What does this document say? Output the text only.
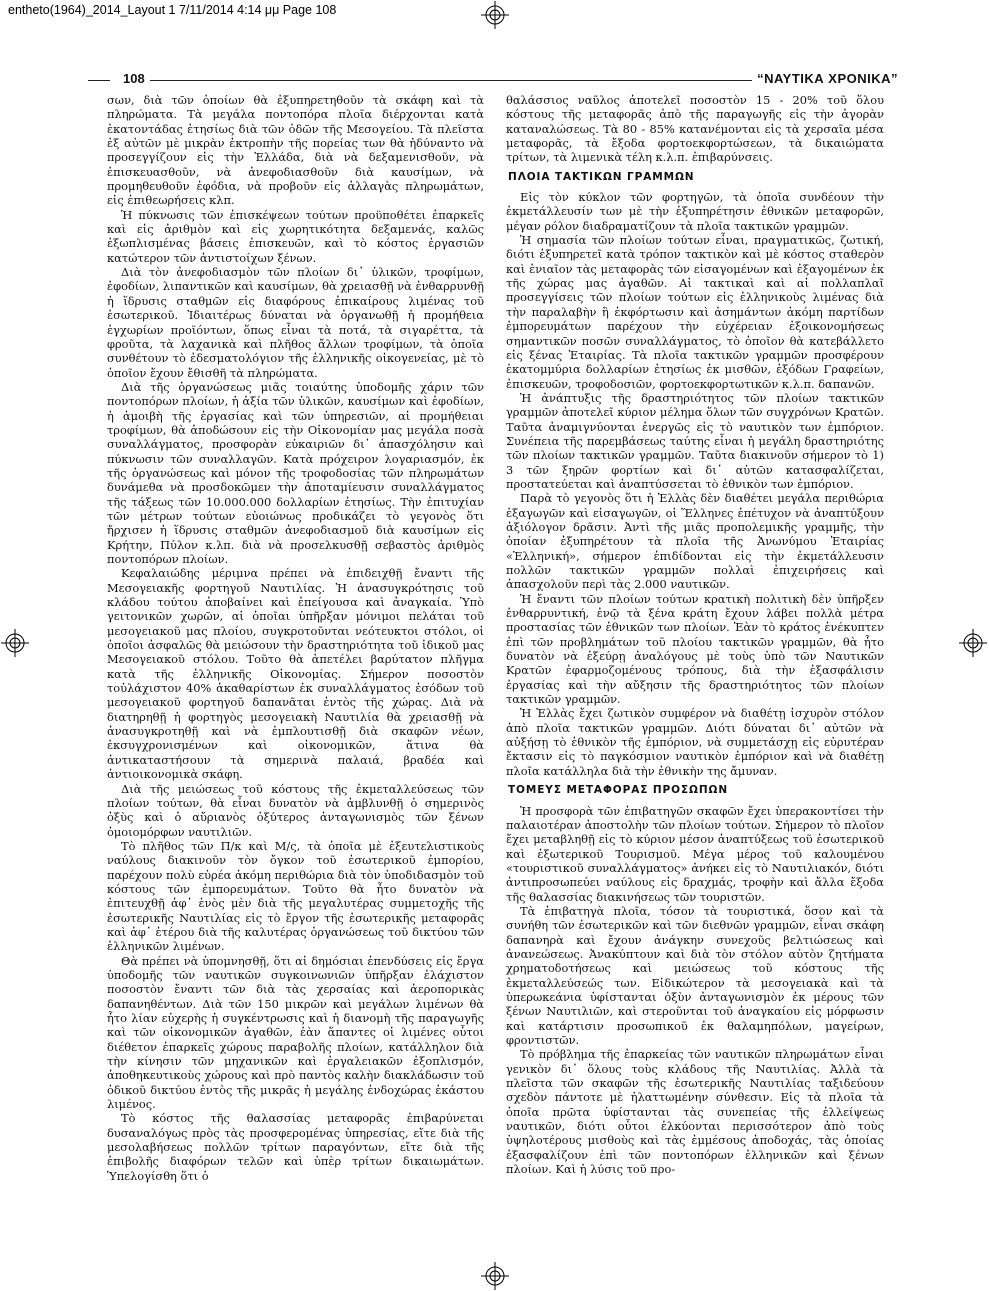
entheto(1964)_2014_Layout 1 7/11/2014 4:14 μμ Page 108
108	“ΝΑΥΤΙΚΑ ΧΡΟΝΙΚΑ”

σων, διὰ τῶν ὁποίων θὰ ἐξυπηρετηθοῦν τὰ σκάφη καὶ τὰ πληρώματα. Τὰ μεγάλα ποντοπόρα πλοῖα διέρχονται κατὰ ἑκατοντάδας ἐτησίως διὰ τῶν ὁδῶν τῆς Μεσογείου. Τὰ πλεῖστα ἐξ αὐτῶν μὲ μικρὰν ἐκτροπὴν τῆς πορείας των θὰ ἠδύναντο νὰ προσεγγίζουν εἰς τὴν Ἑλλάδα, διὰ νὰ δεξαμενισθοῦν, νὰ ἐπισκευασθοῦν, νὰ ἀνεφοδιασθοῦν διὰ καυσίμων, νὰ προμηθευθοῦν ἐφόδια, νὰ προβοῦν εἰς ἀλλαγὰς πληρωμάτων, εἰς ἐπιθεωρήσεις κλπ.

Ἡ πύκνωσις τῶν ἐπισκέψεων τούτων προϋποθέτει ἐπαρκεῖς καὶ εἰς ἀριθμὸν καὶ εἰς χωρητικότητα δεξαμενάς, καλῶς ἐξωπλισμένας βάσεις ἐπισκευῶν, καὶ τὸ κόστος ἐργασιῶν κατώτερον τῶν ἀντιστοίχων ξένων.

Διὰ τὸν ἀνεφοδιασμὸν τῶν πλοίων δι᾿ ὑλικῶν, τροφίμων, ἐφοδίων, λιπαντικῶν καὶ καυσίμων, θὰ χρειασθῇ νὰ ἐνθαρρυνθῇ ἡ ἵδρυσις σταθμῶν εἰς διαφόρους ἐπικαίρους λιμένας τοῦ ἐσωτερικοῦ. Ἰδιαιτέρως δύναται νὰ ὀργανωθῇ ἡ προμήθεια ἐγχωρίων προϊόντων, ὅπως εἶναι τὰ ποτά, τὰ σιγαρέττα, τὰ φροῦτα, τὰ λαχανικὰ καὶ πλῆθος ἄλλων τροφίμων, τὰ ὁποῖα συνθέτουν τὸ ἐδεσματολόγιον τῆς ἑλληνικῆς οἰκογενείας, μὲ τὸ ὁποῖον ἔχουν ἔθισθῆ τὰ πληρώματα.

Διὰ τῆς ὀργανώσεως μιᾶς τοιαύτης ὑποδομῆς χάριν τῶν ποντοπόρων πλοίων, ἡ ἀξία τῶν ὑλικῶν, καυσίμων καὶ ἐφοδίων, ἡ ἀμοιβὴ τῆς ἐργασίας καὶ τῶν ὑπηρεσιῶν, αἱ προμήθειαι τροφίμων, θὰ ἀποδώσουν εἰς τὴν Οἰκονομίαν μας μεγάλα ποσὰ συναλλάγματος, προσφορὰν εὐκαιριῶν δι᾿ ἀπασχόλησιν καὶ πύκνωσιν τῶν συναλλαγῶν. Κατὰ πρόχειρον λογαριασμόν, ἐκ τῆς ὀργανώσεως καὶ μόνον τῆς τροφοδοσίας τῶν πληρωμάτων δυνάμεθα νὰ προσδοκῶμεν τὴν ἀποταμίευσιν συναλλάγματος τῆς τάξεως τῶν 10.000.000 δολλαρίων ἐτησίως. Τὴν ἐπιτυχίαν τῶν μέτρων τούτων εὐοιώνως προδικάζει τὸ γεγονὸς ὅτι ἤρχισεν ἡ ἵδρυσις σταθμῶν ἀνεφοδιασμοῦ διὰ καυσίμων εἰς Κρήτην, Πύλον κ.λπ. διὰ νὰ προσελκυσθῇ σεβαστὸς ἀριθμὸς ποντοπόρων πλοίων.

Κεφαλαιώδης μέριμνα πρέπει νὰ ἐπιδειχθῇ ἔναντι τῆς Μεσογειακῆς φορτηγοῦ Ναυτιλίας. Ἡ ἀνασυγκρότησις τοῦ κλάδου τούτου ἀποβαίνει καὶ ἐπείγουσα καὶ ἀναγκαία. Ὑπὸ γειτονικῶν χωρῶν, αἱ ὁποῖαι ὑπῆρξαν μόνιμοι πελάται τοῦ μεσογειακοῦ μας πλοίου, συγκροτοῦνται νεότευκτοι στόλοι, οἱ ὁποῖοι ἀσφαλῶς θὰ μειώσουν τὴν δραστηριότητα τοῦ ἰδικοῦ μας Μεσογειακοῦ στόλου. Τοῦτο θὰ ἀπετέλει βαρύτατον πλῆγμα κατὰ τῆς ἐλληνικῆς Οἰκονομίας. Σήμερον ποσοστὸν τοὐλάχιστον 40% ἀκαθαρίστων ἐκ συναλλάγματος ἐσόδων τοῦ μεσογειακοῦ φορτηγοῦ δαπανᾶται ἐντὸς τῆς χώρας. Διὰ νὰ διατηρηθῇ ἡ φορτηγὸς μεσογειακὴ Ναυτιλία θὰ χρειασθῇ νὰ ἀνασυγκροτηθῇ καὶ νὰ ἐμπλουτισθῇ διὰ σκαφῶν νέων, ἐκσυγχρονισμένων καὶ οἰκονομικῶν, ἅτινα θὰ ἀντικαταστήσουν τὰ σημερινὰ παλαιά, βραδέα καὶ ἀντιοικονομικὰ σκάφη.

Διὰ τῆς μειώσεως τοῦ κόστους τῆς ἐκμεταλλεύσεως τῶν πλοίων τούτων, θὰ εἶναι δυνατὸν νὰ ἀμβλυνθῇ ὁ σημερινὸς ὀξὺς καὶ ὁ αὔριανὸς ὀξύτερος ἀνταγωνισμὸς τῶν ξένων ὁμοιομόρφων ναυτιλιῶν.

Τὸ πλῆθος τῶν Π/κ καὶ Μ/ς, τὰ ὁποῖα μὲ ἐξευτελιστικοὺς ναύλους διακινοῦν τὸν ὄγκον τοῦ ἐσωτερικοῦ ἐμπορίου, παρέχουν πολὺ εὐρέα ἀκόμη περιθώρια διὰ τὸν ὑποδιδασμὸν τοῦ κόστους τῶν ἐμπορευμάτων. Τοῦτο θὰ ἦτο δυνατὸν νὰ ἐπιτευχθῇ ἀφ᾿ ἑνὸς μὲν διὰ τῆς μεγαλυτέρας συμμετοχῆς τῆς ἐσωτερικῆς Ναυτιλίας εἰς τὸ ἔργον τῆς ἐσωτερικῆς μεταφορᾶς καὶ ἀφ᾿ ἑτέρου διὰ τῆς καλυτέρας ὀργανώσεως τοῦ δικτύου τῶν ἑλληνικῶν λιμένων.

Θὰ πρέπει νὰ ὑπομνησθῇ, ὅτι αἱ δημόσιαι ἐπενδύσεις εἰς ἔργα ὑποδομῆς τῶν ναυτικῶν συγκοινωνιῶν ὑπῆρξαν ἐλάχιστον ποσοστὸν ἔναντι τῶν διὰ τὰς χερσαίας καὶ ἀεροπορικὰς δαπανηθέντων. Διὰ τῶν 150 μικρῶν καὶ μεγάλων λιμένων θὰ ἦτο λίαν εὐχερὴς ἡ συγκέντρωσις καὶ ἡ διανομὴ τῆς παραγωγῆς καὶ τῶν οἰκονομικῶν ἀγαθῶν, ἐὰν ἅπαντες οἱ λιμένες οὗτοι διέθετον ἐπαρκεῖς χώρους παραβολῆς πλοίων, κατάλληλον διὰ τὴν κίνησιν τῶν μηχανικῶν καὶ ἐργαλειακῶν ἐξοπλισμόν, ἀποθηκευτικοὺς χώρους καὶ πρὸ παντὸς καλὴν διακλάδωσιν τοῦ ὁδικοῦ δικτύου ἐντὸς τῆς μικρᾶς ἡ μεγάλης ἐνδοχώρας ἑκάστου λιμένος.

Τὸ κόστος τῆς θαλασσίας μεταφορᾶς ἐπιβαρύνεται δυσαναλόγως πρὸς τὰς προσφερομένας ὑπηρεσίας, εἴτε διὰ τῆς μεσολαβήσεως πολλῶν τρίτων παραγόντων, εἴτε διὰ τῆς ἐπιβολῆς διαφόρων τελῶν καὶ ὑπὲρ τρίτων δικαιωμάτων. Ὑπελογίσθη ὅτι ὁ

θαλάσσιος ναῦλος ἀποτελεῖ ποσοστὸν 15 - 20% τοῦ ὅλου κόστους τῆς μεταφορᾶς ἀπὸ τῆς παραγωγῆς εἰς τὴν ἀγορὰν καταναλώσεως. Τὰ 80 - 85% κατανέμονται εἰς τὰ χερσαῖα μέσα μεταφορᾶς, τὰ ἔξοδα φορτοεκφορτώσεων, τὰ δικαιώματα τρίτων, τὰ λιμενικὰ τέλη κ.λ.π. ἐπιβαρύνσεις.

ΠΛΟΙΑ ΤΑΚΤΙΚΩΝ ΓΡΑΜΜΩΝ

Εἰς τὸν κύκλον τῶν φορτηγῶν, τὰ ὁποῖα συνδέουν τὴν ἐκμετάλλευσίν των μὲ τὴν ἐξυπηρέτησιν ἐθνικῶν μεταφορῶν, μέγαν ρόλον διαδραματίζουν τὰ πλοῖα τακτικῶν γραμμῶν.

Ἡ σημασία τῶν πλοίων τούτων εἶναι, πραγματικῶς, ζωτική, διότι ἐξυπηρετεῖ κατὰ τρόπον τακτικὸν καὶ μὲ κόστος σταθερὸν καὶ ἑνιαῖον τὰς μεταφορὰς τῶν εἰσαγομένων καὶ ἐξαγομένων ἐκ τῆς χώρας μας ἀγαθῶν. Αἱ τακτικαὶ καὶ αἱ πολλαπλαῖ προσεγγίσεις τῶν πλοίων τούτων εἰς ἑλληνικοὺς λιμένας διὰ τὴν παραλαβὴν ἢ ἐκφόρτωσιν καὶ ἀσημάντων ἀκόμη παρτίδων ἐμπορευμάτων παρέχουν τὴν εὐχέρειαν ἐξοικονομήσεως σημαντικῶν ποσῶν συναλλάγματος, τὸ ὁποῖον θὰ κατεβάλλετο εἰς ξένας Ἑταιρίας. Τὰ πλοῖα τακτικῶν γραμμῶν προσφέρουν ἑκατομμύρια δολλαρίων ἐτησίως ἐκ μισθῶν, ἐξόδων Γραφείων, ἐπισκευῶν, τροφοδοσιῶν, φορτοεκφορτωτικῶν κ.λ.π. δαπανῶν.

Ἡ ἀνάπτυξις τῆς δραστηριότητος τῶν πλοίων τακτικῶν γραμμῶν ἀποτελεῖ κύριον μέλημα ὅλων τῶν συγχρόνων Κρατῶν. Ταῦτα ἀναμιγνύονται ἐνεργῶς εἰς τὸ ναυτικὸν των ἐμπόριον. Συνέπεια τῆς παρεμβάσεως ταύτης εἶναι ἡ μεγάλη δραστηριότης τῶν πλοίων τακτικῶν γραμμῶν. Ταῦτα διακινοῦν σήμερον τὸ 1) 3 τῶν ξηρῶν φορτίων καὶ δι᾿ αὐτῶν κατασφαλίζεται, προστατεύεται καὶ ἀναπτύσσεται τὸ ἐθνικὸν των ἐμπόριον.

Παρὰ τὸ γεγονὸς ὅτι ἡ Ἑλλὰς δὲν διαθέτει μεγάλα περιθώρια ἐξαγωγῶν καὶ εἰσαγωγῶν, οἱ Ἕλληνες ἐπέτυχον νὰ ἀναπτύξουν ἀξιόλογον δρᾶσιν. Ἀντὶ τῆς μιᾶς προπολεμικῆς γραμμῆς, τὴν ὁποίαν ἐξυπηρέτουν τὰ πλοῖα τῆς Ἀνωνύμου Ἑταιρίας «Ἑλληνική», σήμερον ἐπιδίδονται εἰς τὴν ἐκμετάλλευσιν πολλῶν τακτικῶν γραμμῶν πολλαὶ ἐπιχειρήσεις καὶ ἀπασχολοῦν περὶ τὰς 2.000 ναυτικῶν.

Ἡ ἔναντι τῶν πλοίων τούτων κρατικὴ πολιτικὴ δὲν ὑπῆρξεν ἐνθαρρυντική, ἐνῷ τὰ ξένα κράτη ἔχουν λάβει πολλὰ μέτρα προστασίας τῶν ἐθνικῶν των πλοίων. Ἐὰν τὸ κράτος ἐνέκυπτεν ἐπὶ τῶν προβλημάτων τοῦ πλοίου τακτικῶν γραμμῶν, θὰ ἦτο δυνατὸν νὰ ἐξεύρῃ ἀναλόγους μὲ τοὺς ὑπὸ τῶν Ναυτικῶν Κρατῶν ἐφαρμοζομένους τρόπους, διὰ τὴν ἐξασφάλισιν ἐργασίας καὶ τὴν αὔξησιν τῆς δραστηριότητος τῶν πλοίων τακτικῶν γραμμῶν.

Ἡ Ἑλλὰς ἔχει ζωτικὸν συμφέρον νὰ διαθέτῃ ἰσχυρὸν στόλον ἀπὸ πλοῖα τακτικῶν γραμμῶν. Διότι δύναται δι᾿ αὐτῶν νὰ αὐξήσῃ τὸ ἐθνικὸν τῆς ἐμπόριον, νὰ συμμετάσχῃ εἰς εὐρυτέραν ἔκτασιν εἰς τὸ παγκόσμιον ναυτικὸν ἐμπόριον καὶ νὰ διαθέτῃ πλοῖα κατάλληλα διὰ τὴν ἐθνικὴν της ἄμυναν.

ΤΟΜΕΥΣ ΜΕΤΑΦΟΡΑΣ ΠΡΟΣΩΠΩΝ

Ἡ προσφορὰ τῶν ἐπιβατηγῶν σκαφῶν ἔχει ὑπερακοντίσει τὴν παλαιοτέραν ἀποστολὴν τῶν πλοίων τούτων. Σήμερον τὸ πλοῖον ἔχει μεταβληθῇ εἰς τὸ κύριον μέσον ἀναπτύξεως τοῦ ἐσωτερικοῦ καὶ ἐξωτερικοῦ Τουρισμοῦ. Μέγα μέρος τοῦ καλουμένου «τουριστικοῦ συναλλάγματος» ἀνήκει εἰς τὸ Ναυτιλιακόν, διότι ἀντιπροσωπεύει ναύλους εἰς δραχμάς, τροφὴν καὶ ἄλλα ἔξοδα τῆς θαλασσίας διακινήσεως τῶν τουριστῶν.

Τὰ ἐπιβατηγὰ πλοῖα, τόσον τὰ τουριστικά, ὅσον καὶ τὰ συνήθη τῶν ἐσωτερικῶν καὶ τῶν διεθνῶν γραμμῶν, εἶναι σκάφη δαπανηρὰ καὶ ἔχουν ἀνάγκην συνεχοῦς βελτιώσεως καὶ ἀνανεώσεως. Ἀνακύπτουν καὶ διὰ τὸν στόλον αὐτὸν ζητήματα χρηματοδοτήσεως καὶ μειώσεως τοῦ κόστους τῆς ἐκμεταλλεύσεώς των. Εἰδικώτερον τὰ μεσογειακὰ καὶ τὰ ὑπερωκεάνια ὑφίστανται ὀξὺν ἀνταγωνισμὸν ἐκ μέρους τῶν ξένων Ναυτιλιῶν, καὶ στεροῦνται τοῦ ἀναγκαίου εἰς μόρφωσιν καὶ κατάρτισιν προσωπικοῦ ἐκ θαλαμηπόλων, μαγείρων, φροντιστῶν.

Τὸ πρόβλημα τῆς ἐπαρκείας τῶν ναυτικῶν πληρωμάτων εἶναι γενικὸν δι᾿ ὅλους τοὺς κλάδους τῆς Ναυτιλίας. Ἀλλὰ τὰ πλεῖστα τῶν σκαφῶν τῆς ἐσωτερικῆς Ναυτιλίας ταξιδεύουν σχεδὸν πάντοτε μὲ ἠλαττωμένην σύνθεσιν. Εἰς τὰ πλοῖα τὰ ὁποῖα πρῶτα ὑφίστανται τὰς συνεπείας τῆς ἐλλείψεως ναυτικῶν, διότι οὗτοι ἑλκύονται περισσότερον ἀπὸ τοὺς ὑψηλοτέρους μισθοὺς καὶ τὰς ἐμμέσους ἀποδοχάς, τὰς ὁποίας ἐξασφαλίζουν ἐπὶ τῶν ποντοπόρων ἑλληνικῶν καὶ ξένων πλοίων. Καὶ ἡ λύσις τοῦ προ-
